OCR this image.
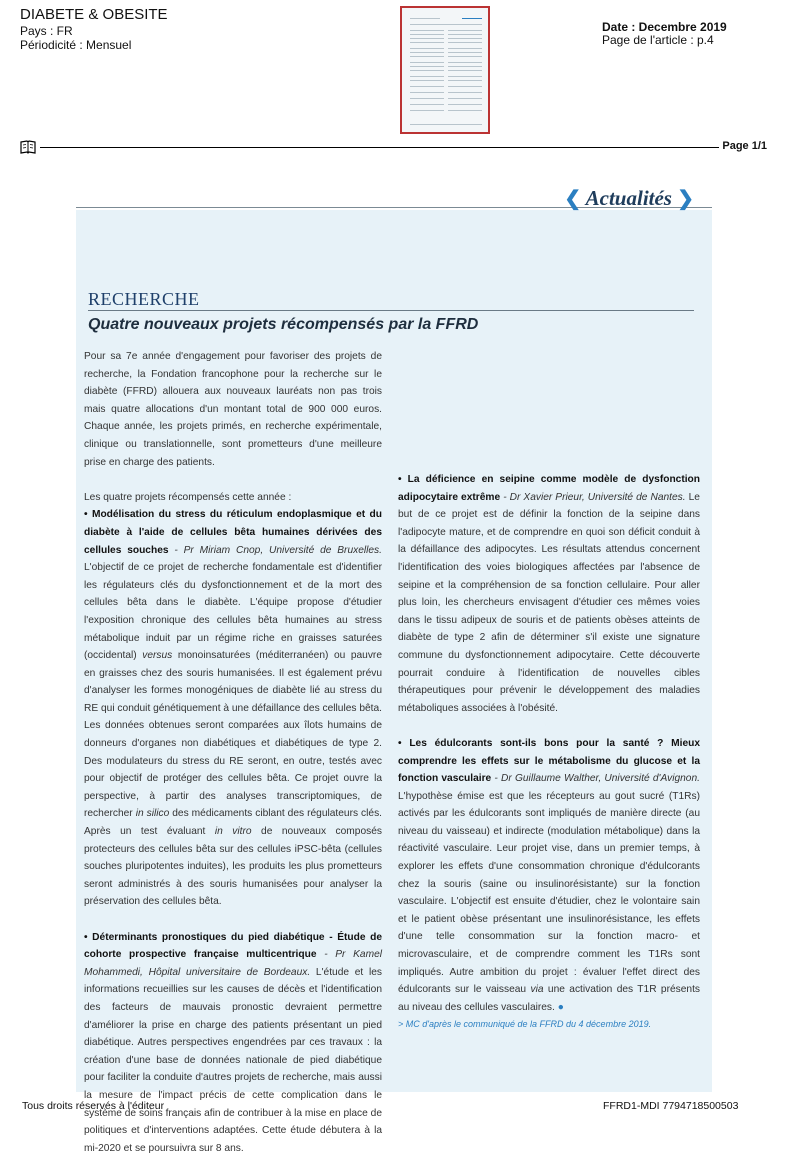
DIABETE & OBESITE
Pays : FR
Périodicité : Mensuel
Date : Decembre 2019
Page de l'article : p.4
Page 1/1
❮ Actualités ❯
RECHERCHE
Quatre nouveaux projets récompensés par la FFRD

Pour sa 7e année d'engagement pour favoriser des projets de recherche, la Fondation francophone pour la recherche sur le diabète (FFRD) allouera aux nouveaux lauréats non pas trois mais quatre allocations d'un montant total de 900 000 euros. Chaque année, les projets primés, en recherche expérimentale, clinique ou translationnelle, sont prometteurs d'une meilleure prise en charge des patients.

Les quatre projets récompensés cette année :

• Modélisation du stress du réticulum endoplasmique et du diabète à l'aide de cellules bêta humaines dérivées des cellules souches - Pr Miriam Cnop, Université de Bruxelles. L'objectif de ce projet de recherche fondamentale est d'identifier les régulateurs clés du dysfonctionnement et de la mort des cellules bêta dans le diabète. L'équipe propose d'étudier l'exposition chronique des cellules bêta humaines au stress métabolique induit par un régime riche en graisses saturées (occidental) versus monoinsaturées (méditerranéen) ou pauvre en graisses chez des souris humanisées. Il est également prévu d'analyser les formes monogéniques de diabète lié au stress du RE qui conduit génétiquement à une défaillance des cellules bêta. Les données obtenues seront comparées aux îlots humains de donneurs d'organes non diabétiques et diabétiques de type 2. Des modulateurs du stress du RE seront, en outre, testés avec pour objectif de protéger des cellules bêta. Ce projet ouvre la perspective, à partir des analyses transcriptomiques, de rechercher in silico des médicaments ciblant des régulateurs clés. Après un test évaluant in vitro de nouveaux composés protecteurs des cellules bêta sur des cellules iPSC-bêta (cellules souches pluripotentes induites), les produits les plus prometteurs seront administrés à des souris humanisées pour analyser la préservation des cellules bêta.

• Déterminants pronostiques du pied diabétique - Étude de cohorte prospective française multicentrique - Pr Kamel Mohammedi, Hôpital universitaire de Bordeaux. L'étude et les informations recueillies sur les causes de décès et l'identification des facteurs de mauvais pronostic devraient permettre d'améliorer la prise en charge des patients présentant un pied diabétique. Autres perspectives engendrées par ces travaux : la création d'une base de données nationale de pied diabétique pour faciliter la conduite d'autres projets de recherche, mais aussi la mesure de l'impact précis de cette complication dans le système de soins français afin de contribuer à la mise en place de politiques et d'interventions adaptées. Cette étude débutera à la mi-2020 et se poursuivra sur 8 ans.

• La déficience en seipine comme modèle de dysfonction adipocytaire extrême - Dr Xavier Prieur, Université de Nantes. Le but de ce projet est de définir la fonction de la seipine dans l'adipocyte mature, et de comprendre en quoi son déficit conduit à la défaillance des adipocytes. Les résultats attendus concernent l'identification des voies biologiques affectées par l'absence de seipine et la compréhension de sa fonction cellulaire. Pour aller plus loin, les chercheurs envisagent d'étudier ces mêmes voies dans le tissu adipeux de souris et de patients obèses atteints de diabète de type 2 afin de déterminer s'il existe une signature commune du dysfonctionnement adipocytaire. Cette découverte pourrait conduire à l'identification de nouvelles cibles thérapeutiques pour prévenir le développement des maladies métaboliques associées à l'obésité.

• Les édulcorants sont-ils bons pour la santé ? Mieux comprendre les effets sur le métabolisme du glucose et la fonction vasculaire - Dr Guillaume Walther, Université d'Avignon. L'hypothèse émise est que les récepteurs au gout sucré (T1Rs) activés par les édulcorants sont impliqués de manière directe (au niveau du vaisseau) et indirecte (modulation métabolique) dans la réactivité vasculaire. Leur projet vise, dans un premier temps, à explorer les effets d'une consommation chronique d'édulcorants chez la souris (saine ou insulinorésistante) sur la fonction vasculaire. L'objectif est ensuite d'étudier, chez le volontaire sain et le patient obèse présentant une insulinorésistance, les effets d'une telle consommation sur la fonction macro- et microvasculaire, et de comprendre comment les T1Rs sont impliqués. Autre ambition du projet : évaluer l'effet direct des édulcorants sur le vaisseau via une activation des T1R présents au niveau des cellules vasculaires. ●

> MC d'après le communiqué de la FFRD du 4 décembre 2019.

Tous droits réservés à l'éditeur	FFRD1-MDI 7794718500503
